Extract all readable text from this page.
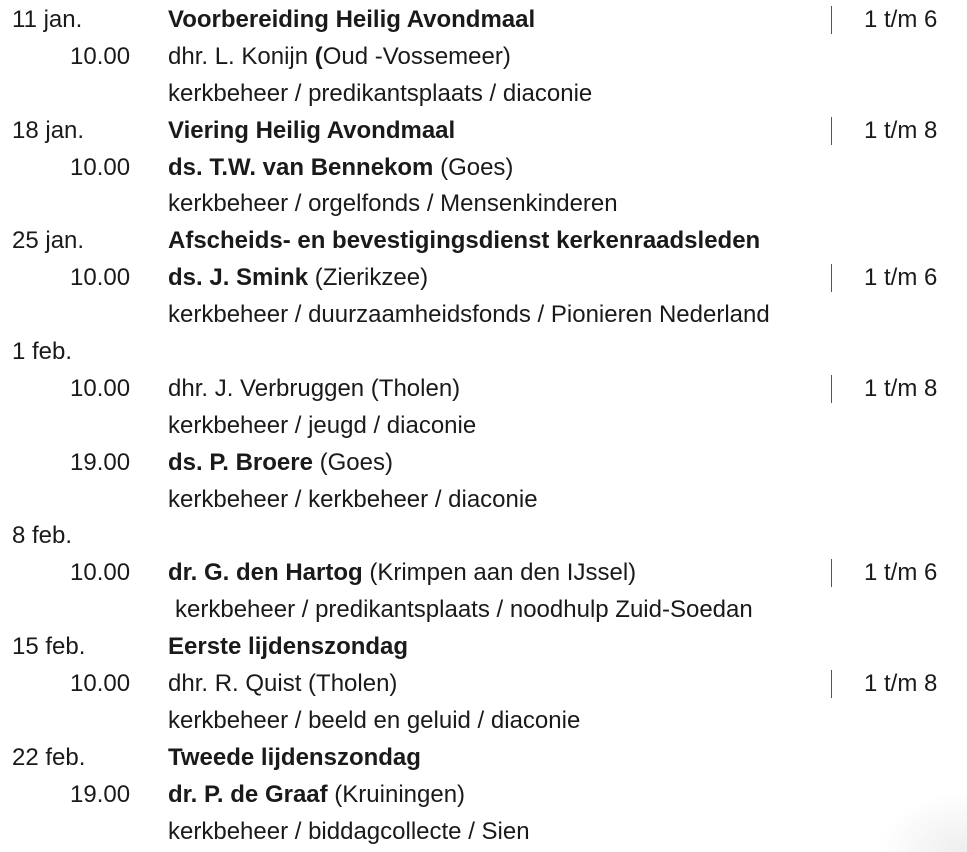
11 jan.	Voorbereiding Heilig Avondmaal	1 t/m 6
10.00 dhr. L. Konijn (Oud -Vossemeer)
kerkbeheer / predikantsplaats / diaconie
18 jan.	Viering Heilig Avondmaal	1 t/m 8
10.00 ds. T.W. van Bennekom (Goes)
kerkbeheer / orgelfonds / Mensenkinderen
25 jan.	Afscheids- en bevestigingsdienst kerkenraadsleden
10.00 ds. J. Smink (Zierikzee)	1 t/m 6
kerkbeheer / duurzaamheidsfonds / Pionieren Nederland
1 feb.
10.00 dhr. J. Verbruggen (Tholen)	1 t/m 8
kerkbeheer / jeugd / diaconie
19.00 ds. P. Broere (Goes)
kerkbeheer / kerkbeheer / diaconie
8 feb.
10.00 dr. G. den Hartog (Krimpen aan den IJssel)	1 t/m 6
kerkbeheer / predikantsplaats / noodhulp Zuid-Soedan
15 feb.	Eerste lijdenszondag
10.00 dhr. R. Quist (Tholen)	1 t/m 8
kerkbeheer / beeld en geluid / diaconie
22 feb.	Tweede lijdenszondag
19.00 dr. P. de Graaf (Kruiningen)
kerkbeheer / biddagcollecte / Sien
